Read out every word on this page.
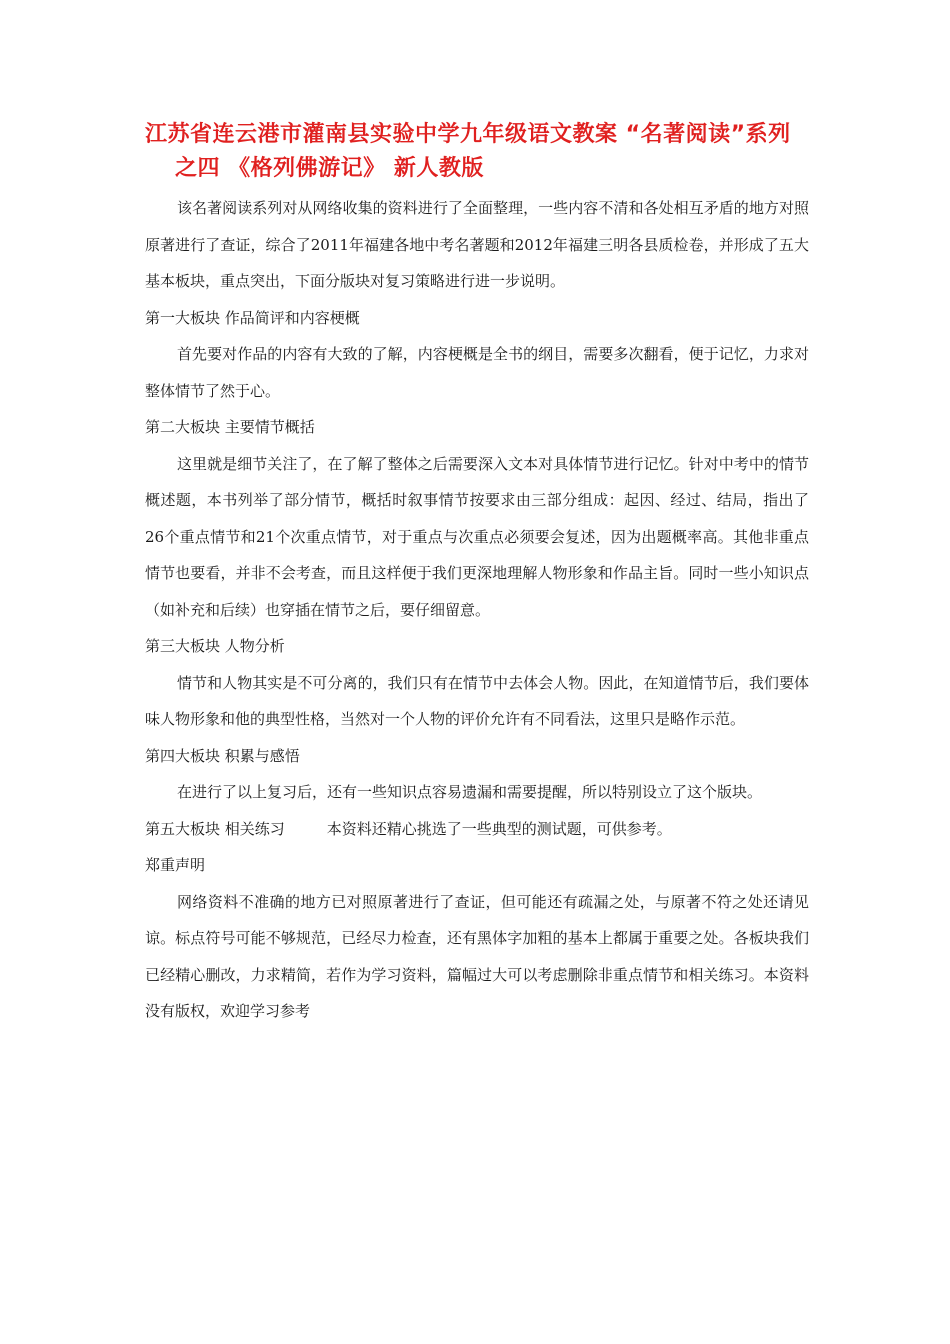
江苏省连云港市灌南县实验中学九年级语文教案 “名著阅读”系列
之四 《格列佛游记》 新人教版

该名著阅读系列对从网络收集的资料进行了全面整理，一些内容不清和各处相互矛盾的地方对照原著进行了查证，综合了2011年福建各地中考名著题和2012年福建三明各县质检卷，并形成了五大基本板块，重点突出，下面分版块对复习策略进行进一步说明。

第一大板块 作品简评和内容梗概

首先要对作品的内容有大致的了解，内容梗概是全书的纲目，需要多次翻看，便于记忆，力求对整体情节了然于心。

第二大板块 主要情节概括

这里就是细节关注了，在了解了整体之后需要深入文本对具体情节进行记忆。针对中考中的情节概述题，本书列举了部分情节，概括时叙事情节按要求由三部分组成：起因、经过、结局，指出了26个重点情节和21个次重点情节，对于重点与次重点必须要会复述，因为出题概率高。其他非重点情节也要看，并非不会考查，而且这样便于我们更深地理解人物形象和作品主旨。同时一些小知识点（如补充和后续）也穿插在情节之后，要仔细留意。

第三大板块 人物分析

情节和人物其实是不可分离的，我们只有在情节中去体会人物。因此，在知道情节后，我们要体味人物形象和他的典型性格，当然对一个人物的评价允许有不同看法，这里只是略作示范。

第四大板块 积累与感悟

在进行了以上复习后，还有一些知识点容易遗漏和需要提醒，所以特别设立了这个版块。

第五大板块 相关练习	本资料还精心挑选了一些典型的测试题，可供参考。

郑重声明

网络资料不准确的地方已对照原著进行了查证，但可能还有疏漏之处，与原著不符之处还请见谅。标点符号可能不够规范，已经尽力检查，还有黑体字加粗的基本上都属于重要之处。各板块我们已经精心删改，力求精简，若作为学习资料，篇幅过大可以考虑删除非重点情节和相关练习。本资料没有版权，欢迎学习参考
